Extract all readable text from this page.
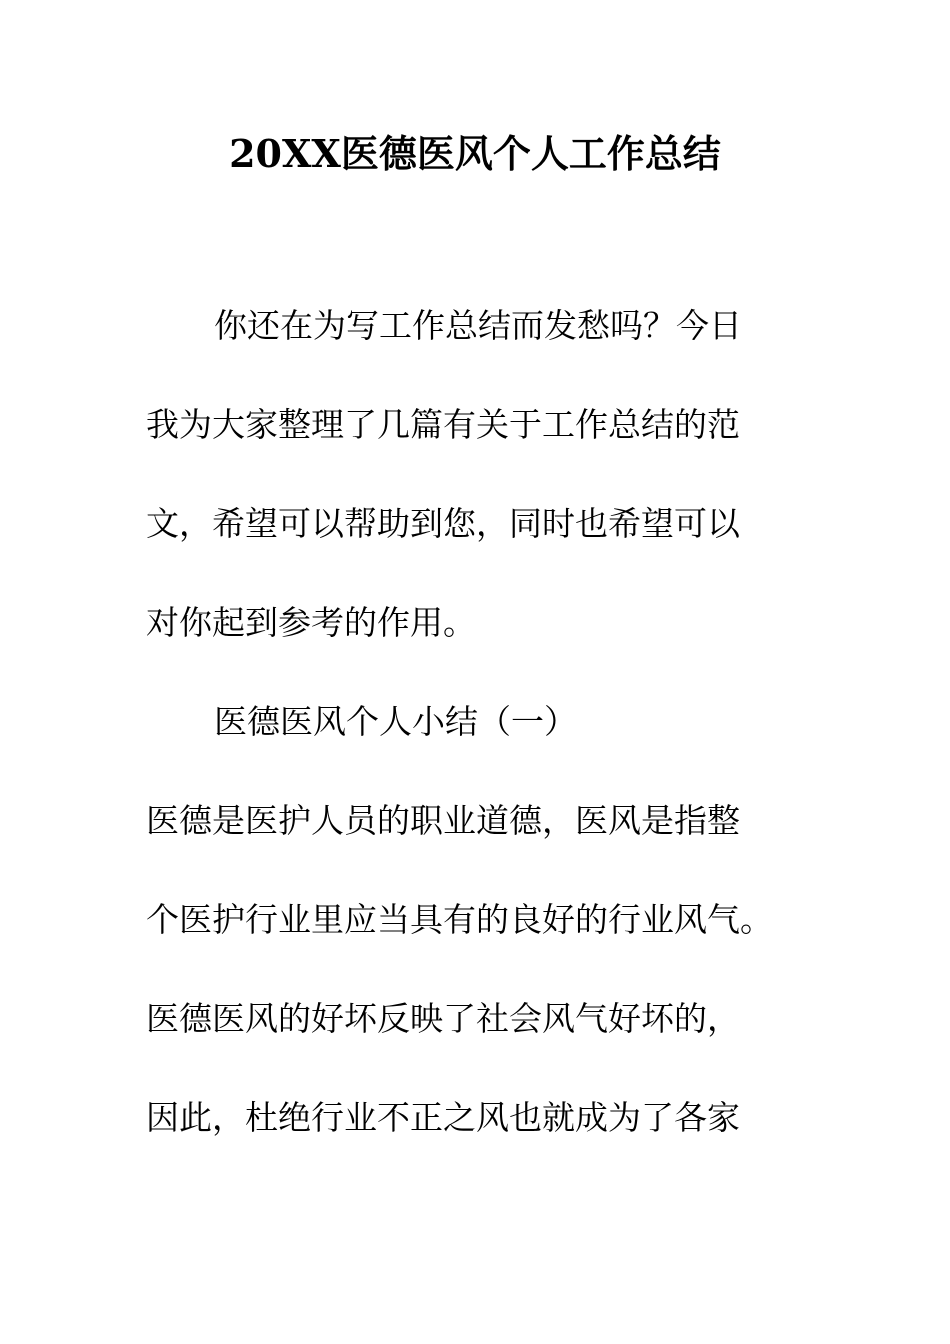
20XX医德医风个人工作总结
你还在为写工作总结而发愁吗？今日
我为大家整理了几篇有关于工作总结的范
文，希望可以帮助到您，同时也希望可以
对你起到参考的作用。
医德医风个人小结（一）
医德是医护人员的职业道德，医风是指整
个医护行业里应当具有的良好的行业风气。
医德医风的好坏反映了社会风气好坏的，
因此，杜绝行业不正之风也就成为了各家
